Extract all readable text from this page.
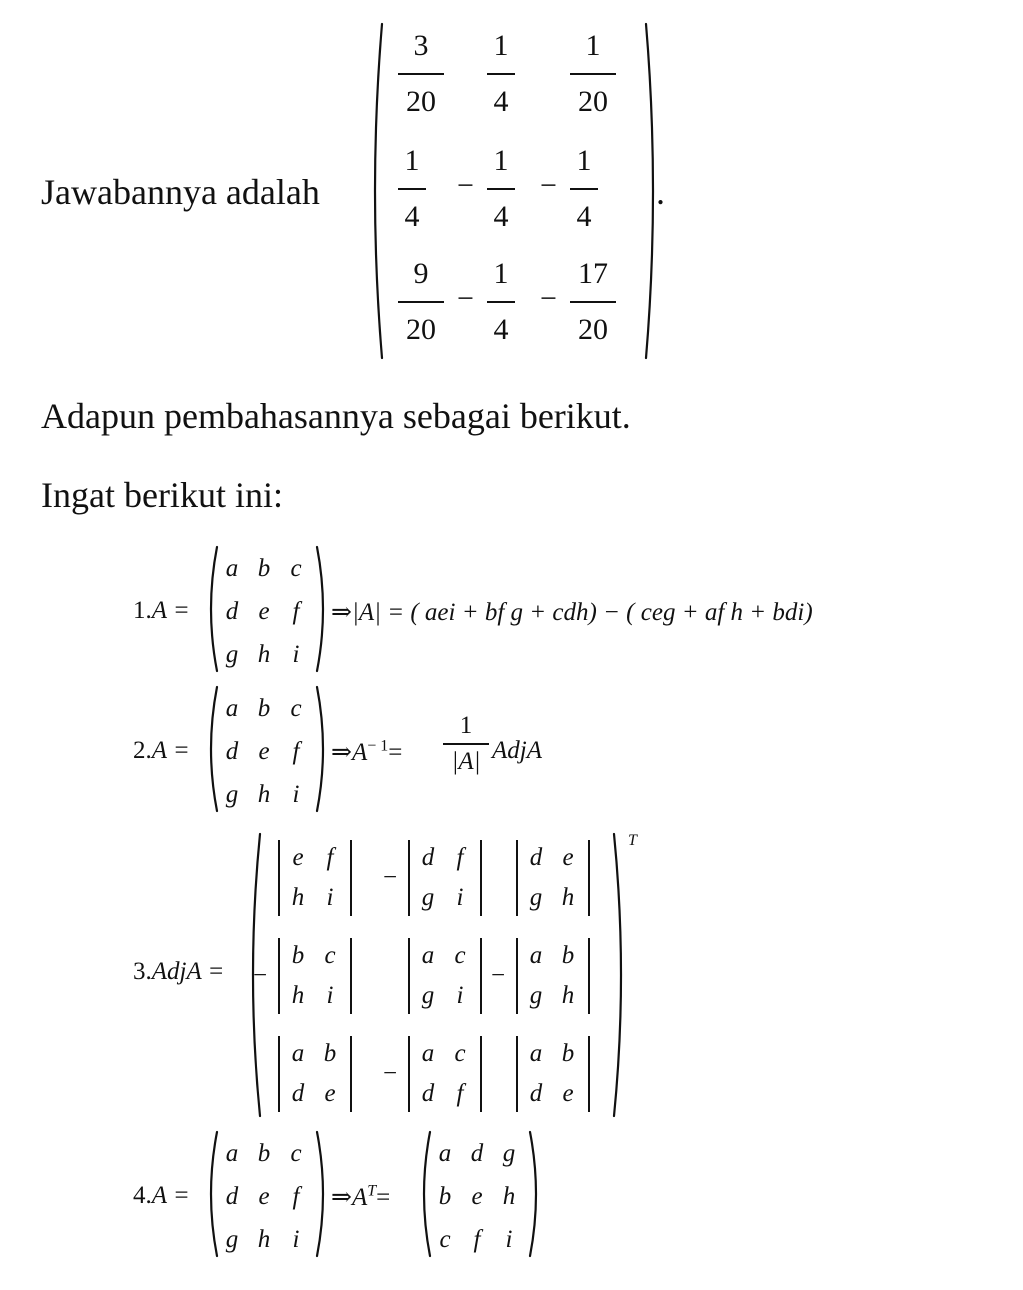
Jawabannya adalah
3
20
1
4
1
20
1
4
1
4
−
1
4
−
9
20
1
4
−
17
20
−
.
Adapun pembahasannya sebagai berikut.
Ingat berikut ini:
1.A =
a b c
d e f
g h i
⇒|A| = ( aei + bf g + cdh) − ( ceg + af h + bdi)
2.A =
a b c
d e f
g h i
$\Rightarrow A^{- 1}=$
1
|A| AdjA
3.AdjA =
T
e f
h i
−
d f
g i
d e
g h
−
b c
h i
a c
g i
−
a b
g h
a b
d e
−
a c
d f
a b
d e
4.A =
a b c
d e f
g h i
$\Rightarrow A^T=$
a d g
b e h
c f	i
